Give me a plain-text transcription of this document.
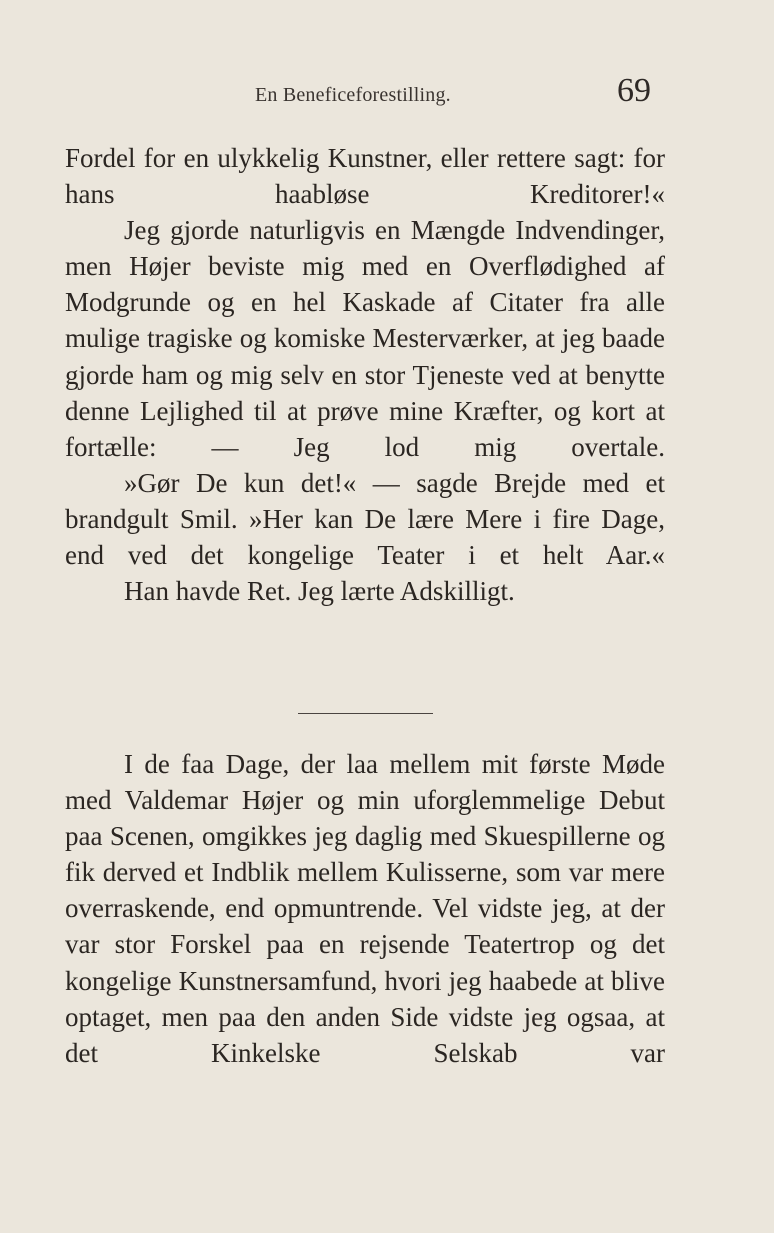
En Beneficeforestilling.	69

Fordel for en ulykkelig Kunstner, eller rettere sagt: for hans haabløse Kreditorer!«

Jeg gjorde naturligvis en Mængde Indvendinger, men Højer beviste mig med en Overflødighed af Modgrunde og en hel Kaskade af Citater fra alle mulige tragiske og komiske Mesterværker, at jeg baade gjorde ham og mig selv en stor Tjeneste ved at benytte denne Lejlighed til at prøve mine Kræfter, og kort at fortælle: — Jeg lod mig overtale.

»Gør De kun det!« — sagde Brejde med et brandgult Smil. »Her kan De lære Mere i fire Dage, end ved det kongelige Teater i et helt Aar.«

Han havde Ret. Jeg lærte Adskilligt.

I de faa Dage, der laa mellem mit første Møde med Valdemar Højer og min uforglemmelige Debut paa Scenen, omgikkes jeg daglig med Skuespillerne og fik derved et Indblik mellem Kulisserne, som var mere overraskende, end opmuntrende. Vel vidste jeg, at der var stor Forskel paa en rejsende Teatertrop og det kongelige Kunstnersamfund, hvori jeg haabede at blive optaget, men paa den anden Side vidste jeg ogsaa, at det Kinkelske Selskab var
